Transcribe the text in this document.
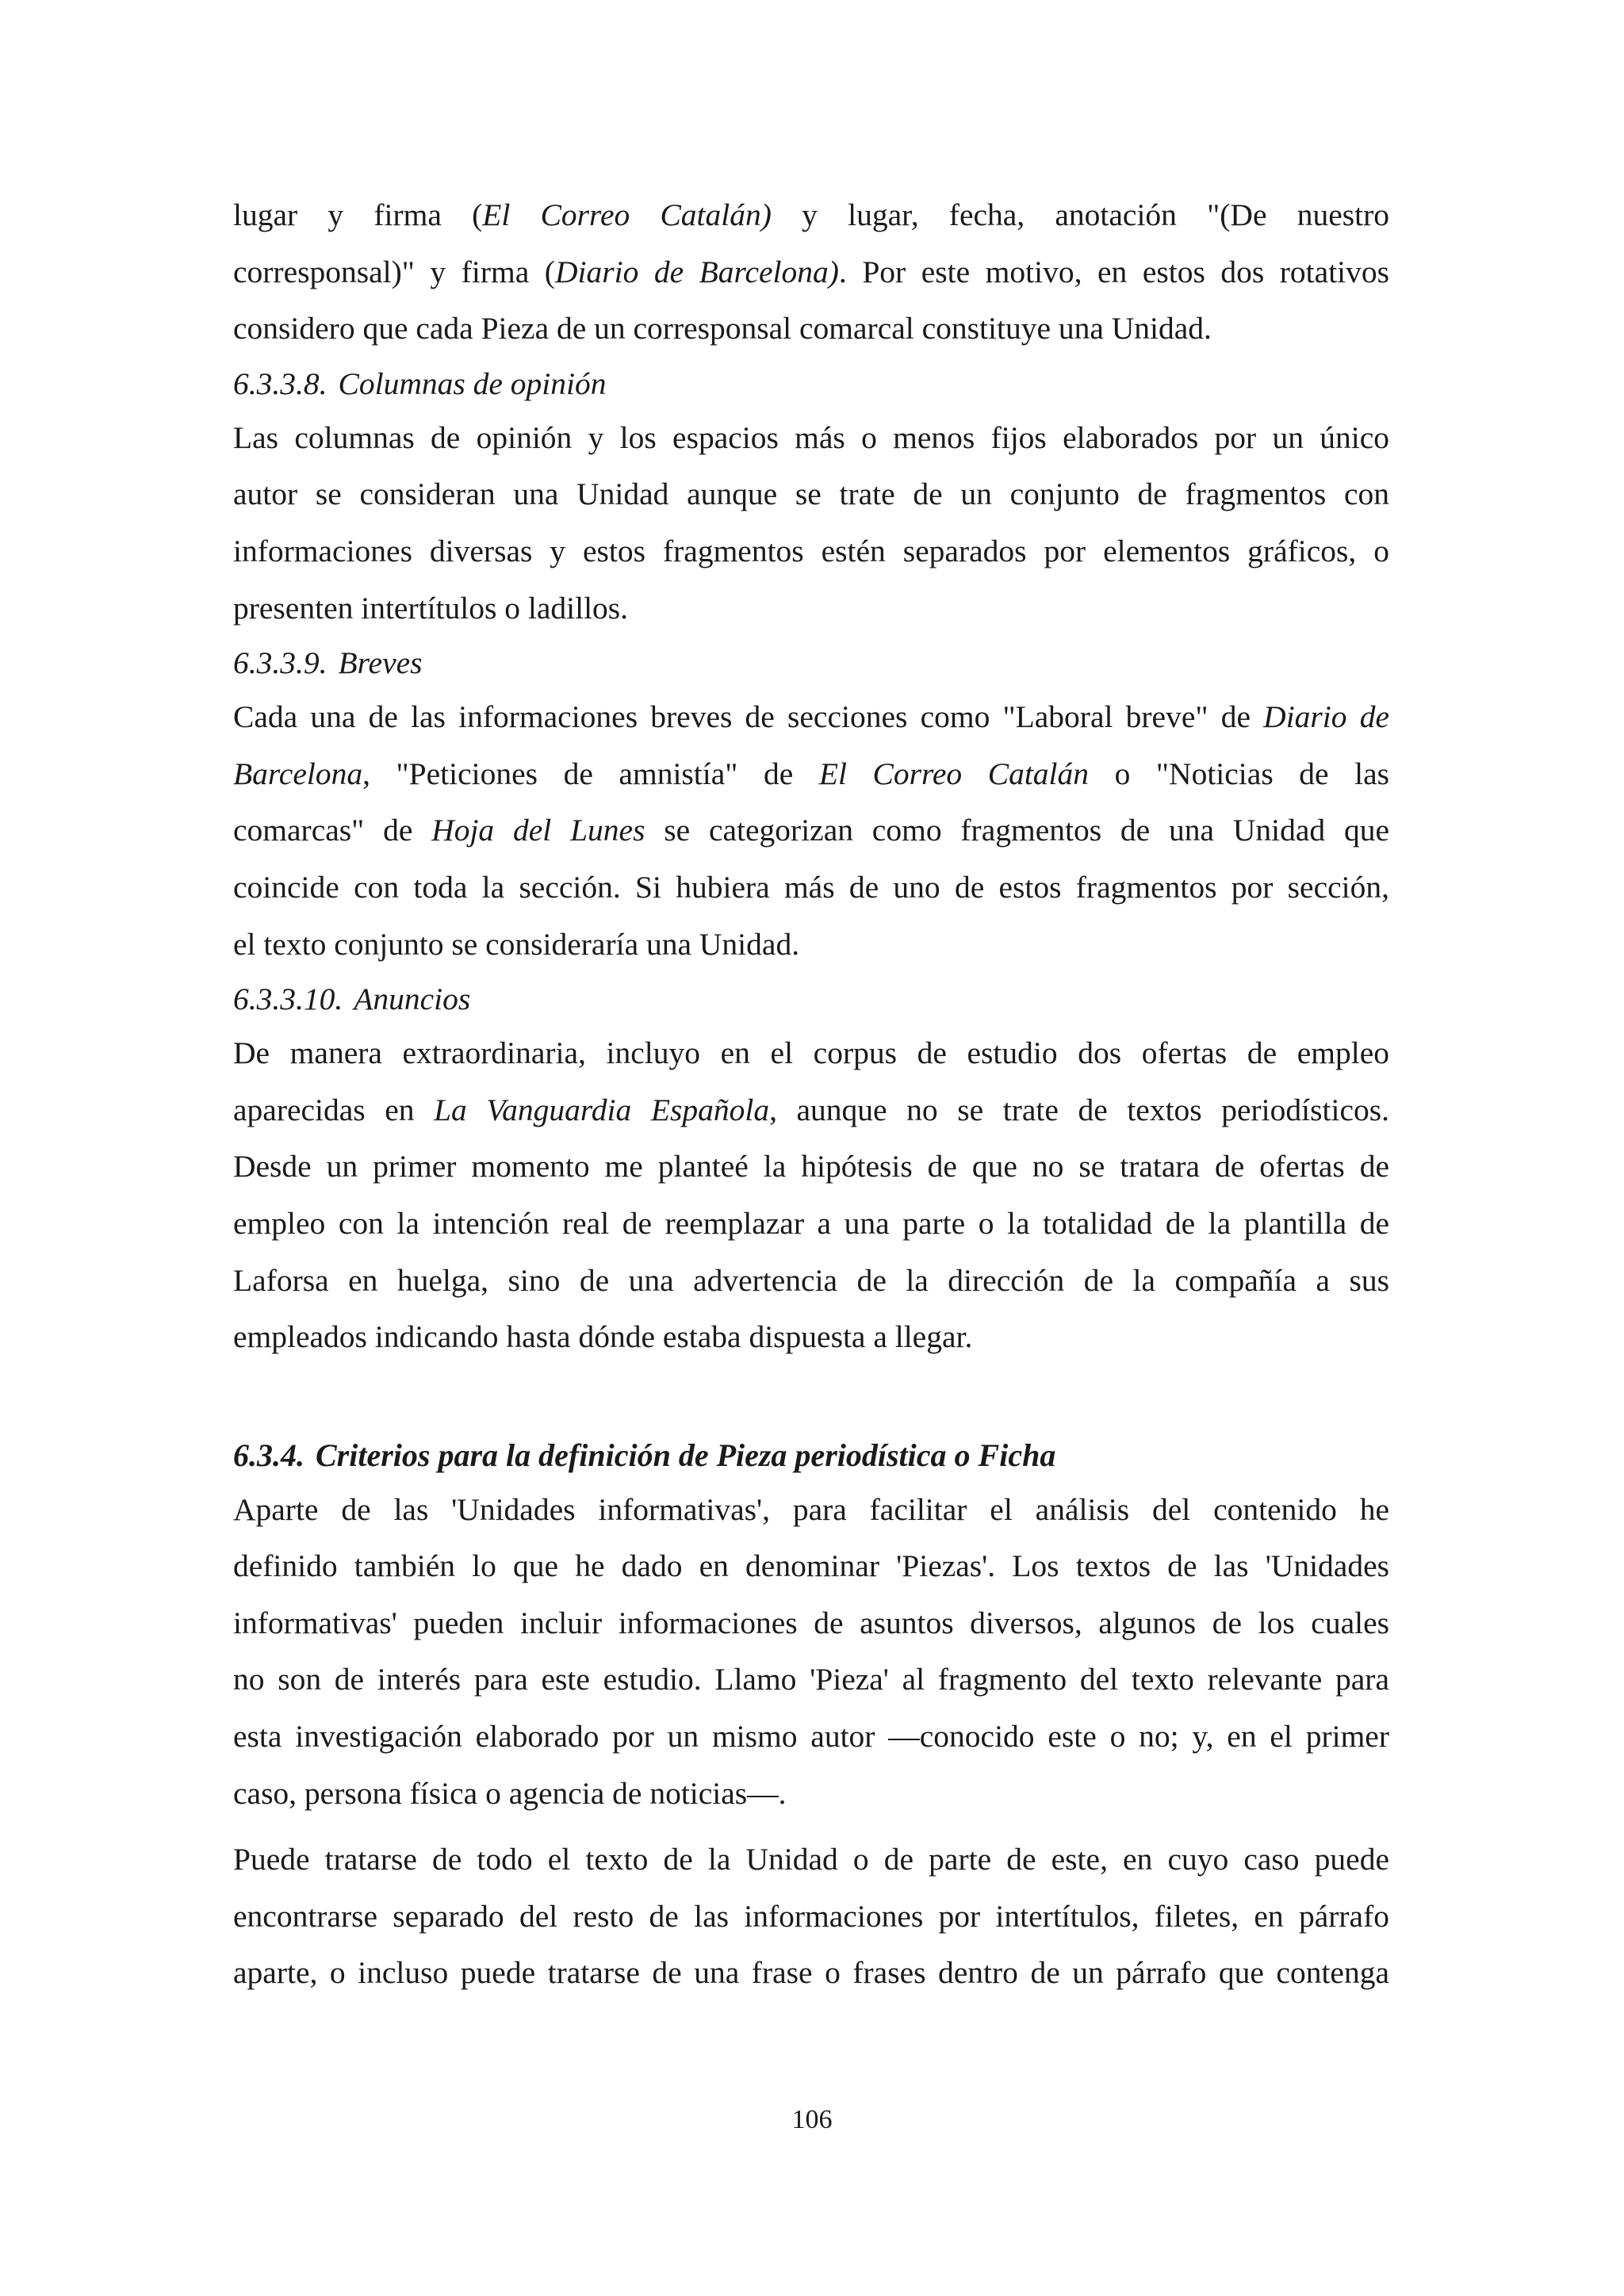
lugar y firma (El Correo Catalán) y lugar, fecha, anotación "(De nuestro
corresponsal)" y firma (Diario de Barcelona). Por este motivo, en estos dos rotativos
considero que cada Pieza de un corresponsal comarcal constituye una Unidad.
6.3.3.8. Columnas de opinión
Las columnas de opinión y los espacios más o menos fijos elaborados por un único
autor se consideran una Unidad aunque se trate de un conjunto de fragmentos con
informaciones diversas y estos fragmentos estén separados por elementos gráficos, o
presenten intertítulos o ladillos.
6.3.3.9. Breves
Cada una de las informaciones breves de secciones como "Laboral breve" de Diario de
Barcelona, "Peticiones de amnistía" de El Correo Catalán o "Noticias de las
comarcas" de Hoja del Lunes se categorizan como fragmentos de una Unidad que
coincide con toda la sección. Si hubiera más de uno de estos fragmentos por sección,
el texto conjunto se consideraría una Unidad.
6.3.3.10. Anuncios
De manera extraordinaria, incluyo en el corpus de estudio dos ofertas de empleo
aparecidas en La Vanguardia Española, aunque no se trate de textos periodísticos.
Desde un primer momento me planteé la hipótesis de que no se tratara de ofertas de
empleo con la intención real de reemplazar a una parte o la totalidad de la plantilla de
Laforsa en huelga, sino de una advertencia de la dirección de la compañía a sus
empleados indicando hasta dónde estaba dispuesta a llegar.
6.3.4. Criterios para la definición de Pieza periodística o Ficha
Aparte de las 'Unidades informativas', para facilitar el análisis del contenido he
definido también lo que he dado en denominar 'Piezas'. Los textos de las 'Unidades
informativas' pueden incluir informaciones de asuntos diversos, algunos de los cuales
no son de interés para este estudio. Llamo 'Pieza' al fragmento del texto relevante para
esta investigación elaborado por un mismo autor —conocido este o no; y, en el primer
caso, persona física o agencia de noticias—.
Puede tratarse de todo el texto de la Unidad o de parte de este, en cuyo caso puede
encontrarse separado del resto de las informaciones por intertítulos, filetes, en párrafo
aparte, o incluso puede tratarse de una frase o frases dentro de un párrafo que contenga
106
